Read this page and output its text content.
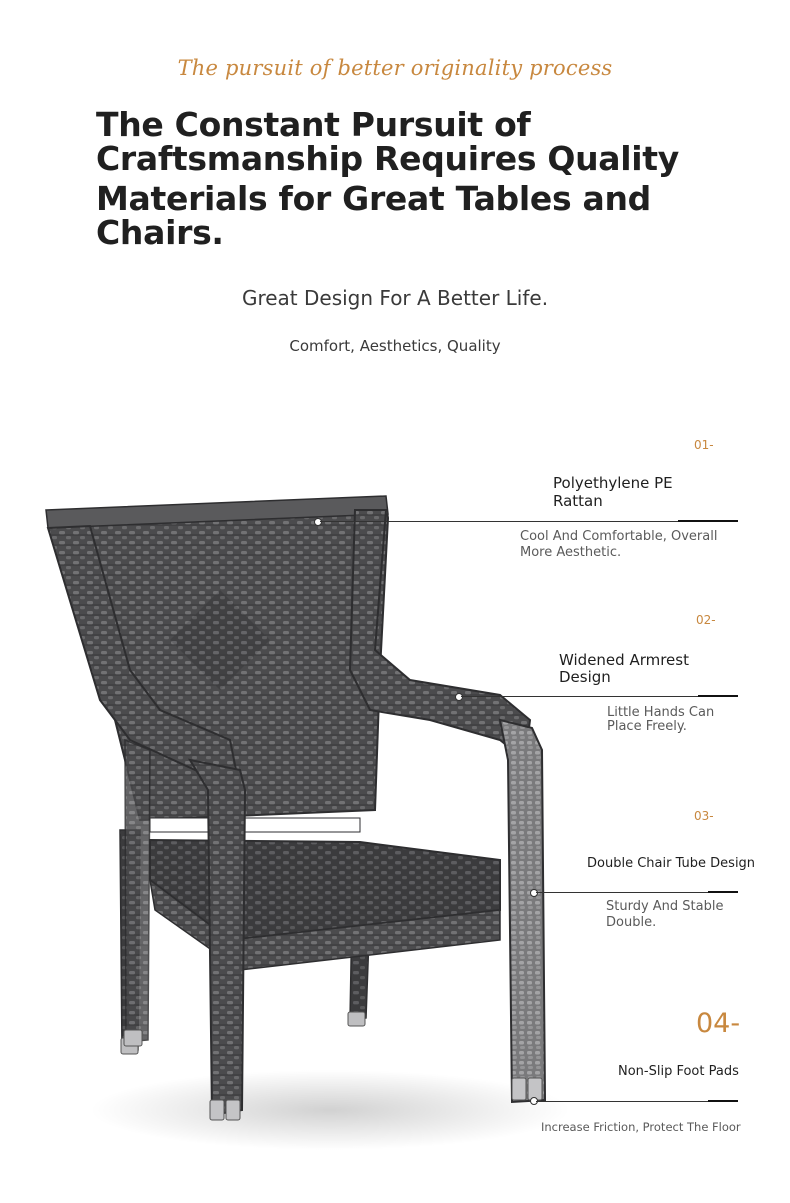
The pursuit of better originality process
The Constant Pursuit of
Craftsmanship Requires Quality
Materials for Great Tables and
Chairs.
Great Design For A Better Life.
Comfort, Aesthetics, Quality
01-
Polyethylene PE
Rattan
Cool And Comfortable, Overall
More Aesthetic.
02-
Widened Armrest
Design
Little Hands Can
Place Freely.
03-
Double Chair Tube Design
Sturdy And Stable
Double.
04-
Non-Slip Foot Pads
Increase Friction, Protect The Floor
